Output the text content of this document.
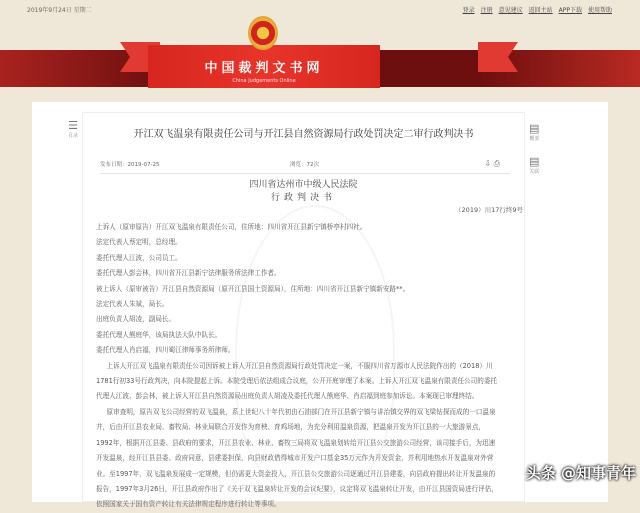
2019年9月24日 星期二	登录 注册 意见建议 返回主站 APP下载 使用帮助
中国裁判文书网
China Judgements Online
☰
目录
▤
概要
▤
关联
开江双飞温泉有限责任公司与开江县自然资源局行政处罚决定二审行政判决书
发布日期：2019-07-25	浏览：72次	⇩ ⎙
四川省达州市中级人民法院
行政判决书
（2019）川17行终9号

上诉人（原审原告）开江双飞温泉有限责任公司，住所地：四川省开江县新宁镇桥亭村四社。

法定代表人蔡定明，总经理。

委托代理人江波，公司员工。

委托代理人彭会林，四川省开江县新宁法律服务所法律工作者。

被上诉人（原审被告）开江县自然资源局（原开江县国土资源局），住所地：四川省开江县新宁镇新安路**。

法定代表人朱斌，局长。

出庭负责人胡凌，副局长。

委托代理人熊庭华，该局执法大队中队长。

委托代理人肖启福，四川蜀江律师事务所律师。

上诉人开江双飞温泉有限责任公司因诉被上诉人开江县自然资源局行政处罚决定一案，不服四川省万源市人民法院作出的（2018）川1781行初33号行政判决，向本院提起上诉。本院受理后依法组成合议庭，公开开庭审理了本案。上诉人开江双飞温泉有限责任公司的委托代理人江波、彭会林，被上诉人开江县自然资源局出庭负责人胡凌及委托代理人熊庭华、肖启福到庭参加诉讼。本案现已审理终结。

原审查明，原告双飞公司经营的双飞温泉，系上世纪八十年代初由石油部门在开江县新宁镇与讲治镇交界的双飞梁钻探而成的一口温泉井，后由开江县农业局、畜牧局、林业局联合开发作为育秧、育鸡场地，为充分利用温泉资源，把温泉开发为开江县的一大旅游景点，1992年，根据开江县委、县政府的要求，开江县农业、林业、畜牧三局将双飞温泉划转给开江县公交旅游公司经营，该司接手后，为迅速开发温泉，经开江县县委、政府同意，县建委担保，向县财政借得城市开发户口基金35万元作为开发资金，并利用地热水开发温泉对外营业。至1997年，双飞温泉发展成一定规模，但仍需更大资金投入，开江县公交旅游公司逐通过开江县建委，向县政府提出转让开发温泉的报告，1997年3月26日，开江县政府作出了《关于双飞温泉转让开发的会议纪要》，议定将双飞温泉转让开发，由开江县国资局进行评估，依照国家关于国有资产转让有关法律规定程序进行转让等事项。

头条 @知事青年
